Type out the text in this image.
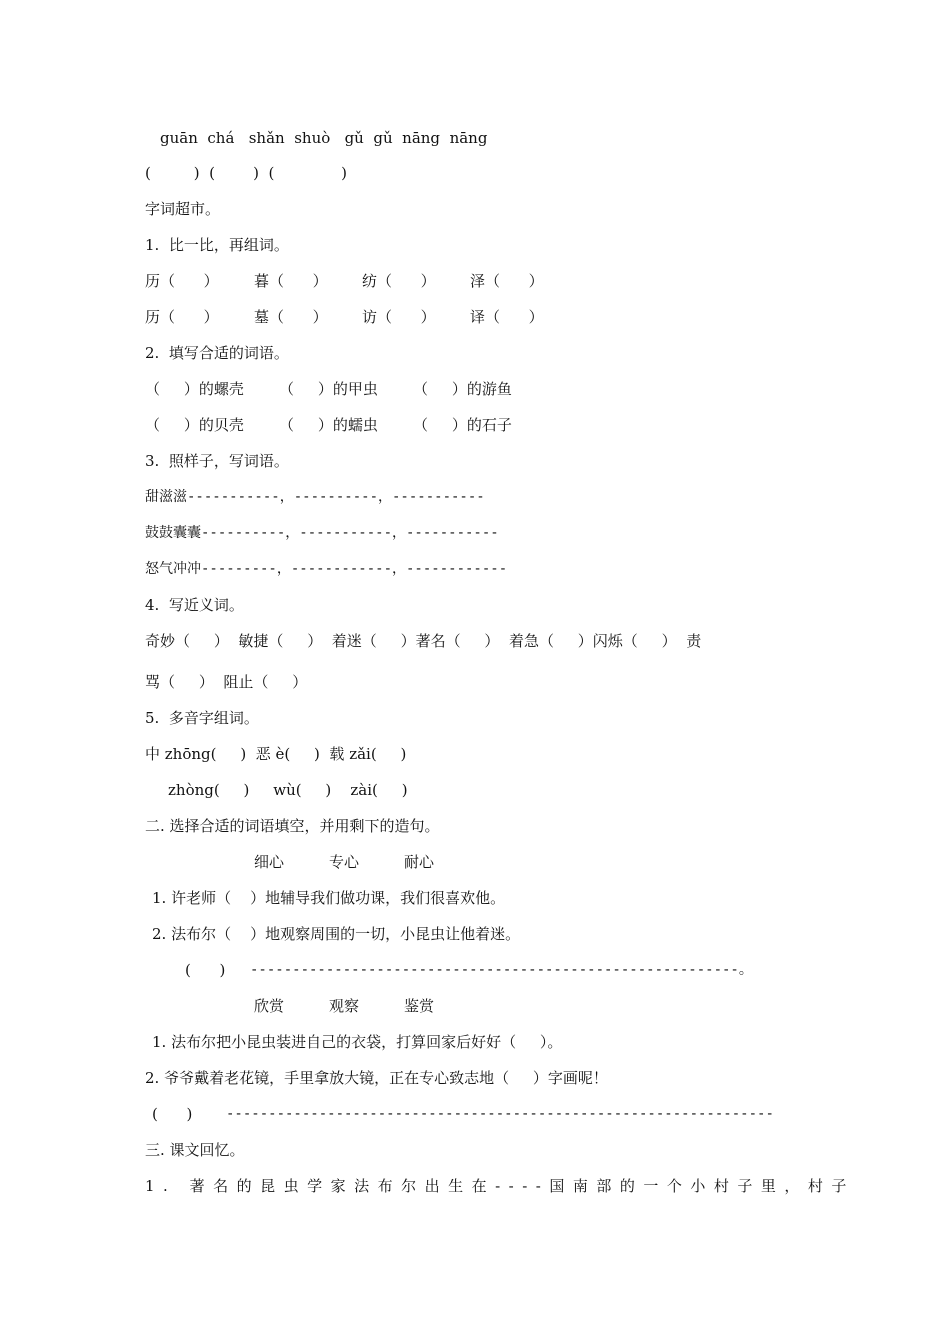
guān  chá   shǎn  shuò   gǔ  gǔ  nāng  nāng
(         )  (        )  (              )
字词超市。
1.  比一比，再组词。
历（      ） 暮（      ） 纺（      ） 泽（      ）
历（      ） 墓（      ） 访（      ） 译（      ）
2.  填写合适的词语。
（     ）的螺壳 （     ）的甲虫 （     ）的游鱼
（     ）的贝壳 （     ）的蠕虫 （     ）的石子
3.  照样子，写词语。
甜滋滋-----------，----------，-----------
鼓鼓囊囊----------，-----------，-----------
怒气冲冲---------，------------，------------
4.  写近义词。
奇妙（     ）  敏捷（     ）  着迷（     ）著名（     ）  着急（     ）闪烁（     ）  责
骂（     ）  阻止（     ）
5.  多音字组词。
中 zhōng(     )  恶 è(     )  载 zǎi(     )
zhòng(     )     wù(     )    zài(     )
二. 选择合适的词语填空，并用剩下的造句。
细心	专心	耐心
1. 许老师（    ）地辅导我们做功课，我们很喜欢他。
2. 法布尔（    ）地观察周围的一切，小昆虫让他着迷。
(      ) ----------------------------------------------------------。
欣赏	观察	鉴赏
1. 法布尔把小昆虫装进自己的衣袋，打算回家后好好（     ）。
2. 爷爷戴着老花镜，手里拿放大镜，正在专心致志地（     ）字画呢！
(      ) -----------------------------------------------------------------
三. 课文回忆。
1. 著名的昆虫学家法布尔出生在----国南部的一个小村子里，村子
